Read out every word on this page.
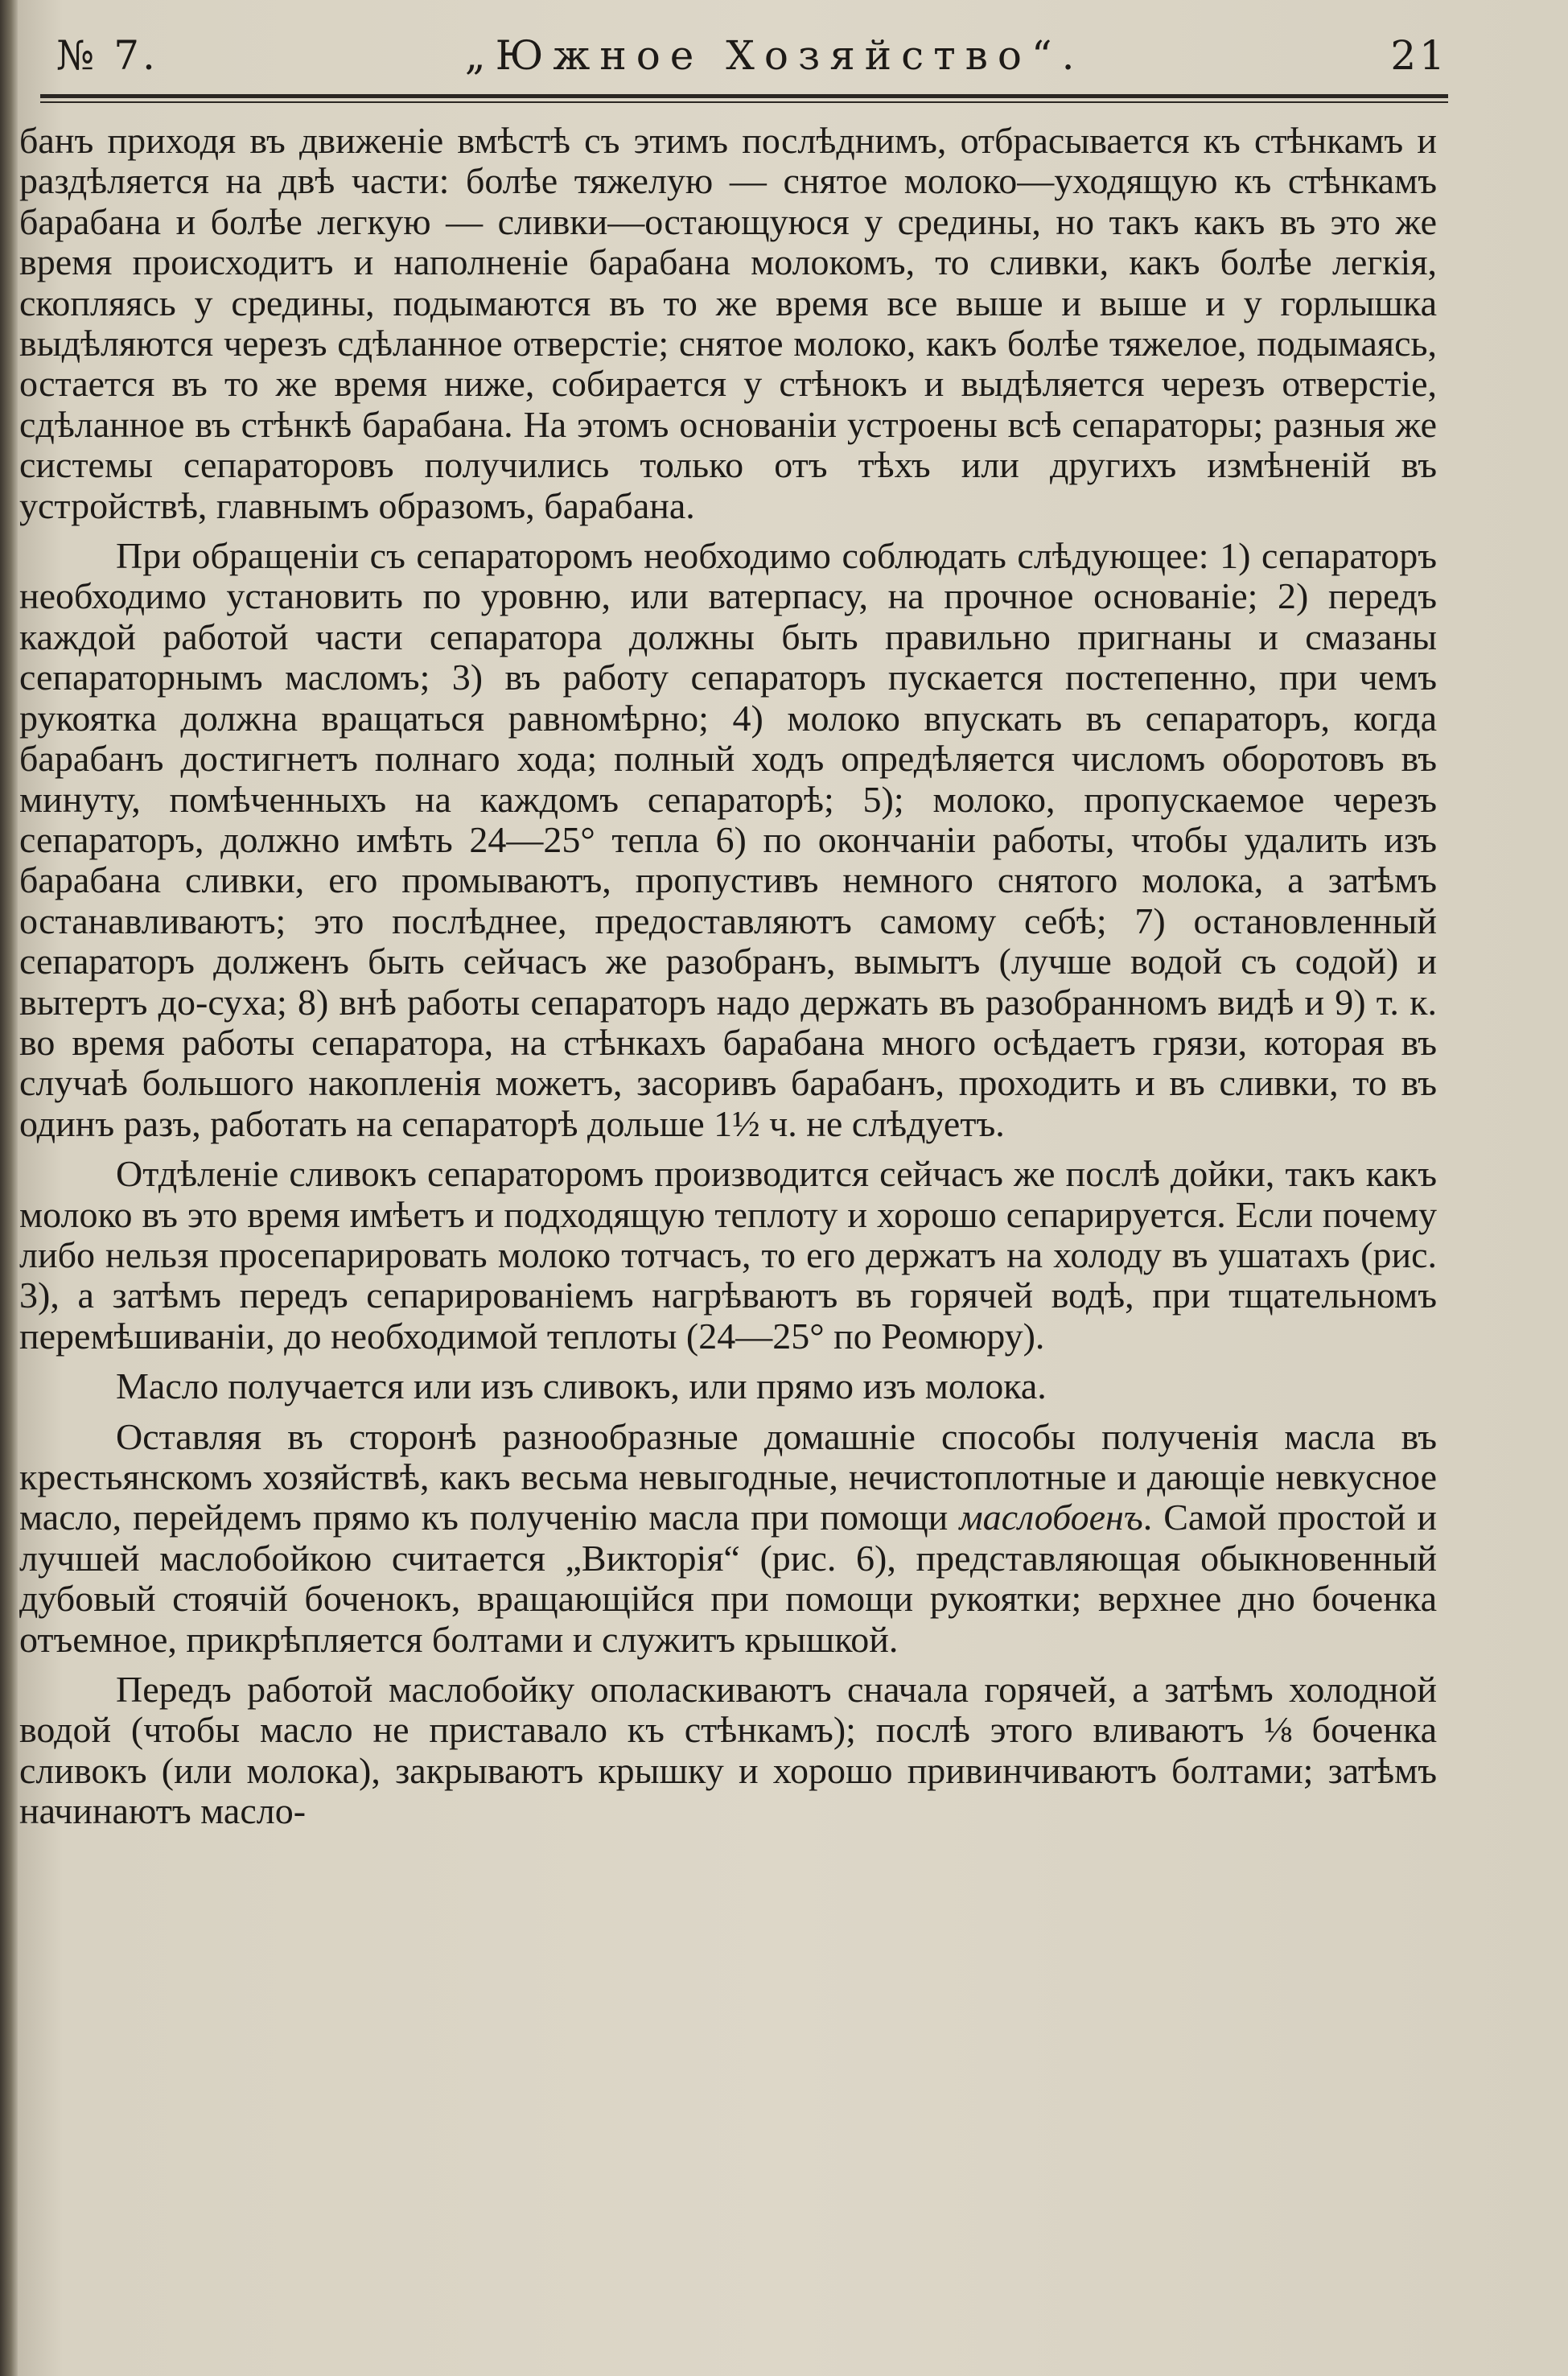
№ 7.	„Южное Хозяйство“.	21

банъ приходя въ движеніе вмѣстѣ съ этимъ послѣднимъ, отбрасывается къ стѣнкамъ и раздѣляется на двѣ части: болѣе тяжелую — снятое молоко—уходящую къ стѣнкамъ барабана и болѣе легкую — сливки—остающуюся у средины, но такъ какъ въ это же время происходитъ и наполненіе барабана молокомъ, то сливки, какъ болѣе легкія, скопляясь у средины, подымаются въ то же время все выше и выше и у горлышка выдѣляются черезъ сдѣланное отверстіе; снятое молоко, какъ болѣе тяжелое, подымаясь, остается въ то же время ниже, собирается у стѣнокъ и выдѣляется черезъ отверстіе, сдѣланное въ стѣнкѣ барабана. На этомъ основаніи устроены всѣ сепараторы; разныя же системы сепараторовъ получились только отъ тѣхъ или другихъ измѣненій въ устройствѣ, главнымъ образомъ, барабана.

При обращеніи съ сепараторомъ необходимо соблюдать слѣдующее: 1) сепараторъ необходимо установить по уровню, или ватерпасу, на прочное основаніе; 2) передъ каждой работой части сепаратора должны быть правильно пригнаны и смазаны сепараторнымъ масломъ; 3) въ работу сепараторъ пускается постепенно, при чемъ рукоятка должна вращаться равномѣрно; 4) молоко впускать въ сепараторъ, когда барабанъ достигнетъ полнаго хода; полный ходъ опредѣляется числомъ оборотовъ въ минуту, помѣченныхъ на каждомъ сепараторѣ; 5); молоко, пропускаемое черезъ сепараторъ, должно имѣть 24—25° тепла 6) по окончаніи работы, чтобы удалить изъ барабана сливки, его промываютъ, пропустивъ немного снятого молока, а затѣмъ останавливаютъ; это послѣднее, предоставляютъ самому себѣ; 7) остановленный сепараторъ долженъ быть сейчасъ же разобранъ, вымытъ (лучше водой съ содой) и вытертъ до-суха; 8) внѣ работы сепараторъ надо держать въ разобранномъ видѣ и 9) т. к. во время работы сепаратора, на стѣнкахъ барабана много осѣдаетъ грязи, которая въ случаѣ большого накопленія можетъ, засоривъ барабанъ, проходить и въ сливки, то въ одинъ разъ, работать на сепараторѣ дольше 1½ ч. не слѣдуетъ.

Отдѣленіе сливокъ сепараторомъ производится сейчасъ же послѣ дойки, такъ какъ молоко въ это время имѣетъ и подходящую теплоту и хорошо сепарируется. Если почему либо нельзя просепарировать молоко тотчасъ, то его держатъ на холоду въ ушатахъ (рис. 3), а затѣмъ передъ сепарированіемъ нагрѣваютъ въ горячей водѣ, при тщательномъ перемѣшиваніи, до необходимой теплоты (24—25° по Реомюру).

Масло получается или изъ сливокъ, или прямо изъ молока.

Оставляя въ сторонѣ разнообразные домашніе способы полученія масла въ крестьянскомъ хозяйствѣ, какъ весьма невыгодные, нечистоплотные и дающіе невкусное масло, перейдемъ прямо къ полученію масла при помощи маслобоенъ. Самой простой и лучшей маслобойкою считается „Викторія“ (рис. 6), представляющая обыкновенный дубовый стоячій боченокъ, вращающійся при помощи рукоятки; верхнее дно боченка отъемное, прикрѣпляется болтами и служитъ крышкой.

Передъ работой маслобойку ополаскиваютъ сначала горячей, а затѣмъ холодной водой (чтобы масло не приставало къ стѣнкамъ); послѣ этого вливаютъ ⅛ боченка сливокъ (или молока), закрываютъ крышку и хорошо привинчиваютъ болтами; затѣмъ начинаютъ масло-
